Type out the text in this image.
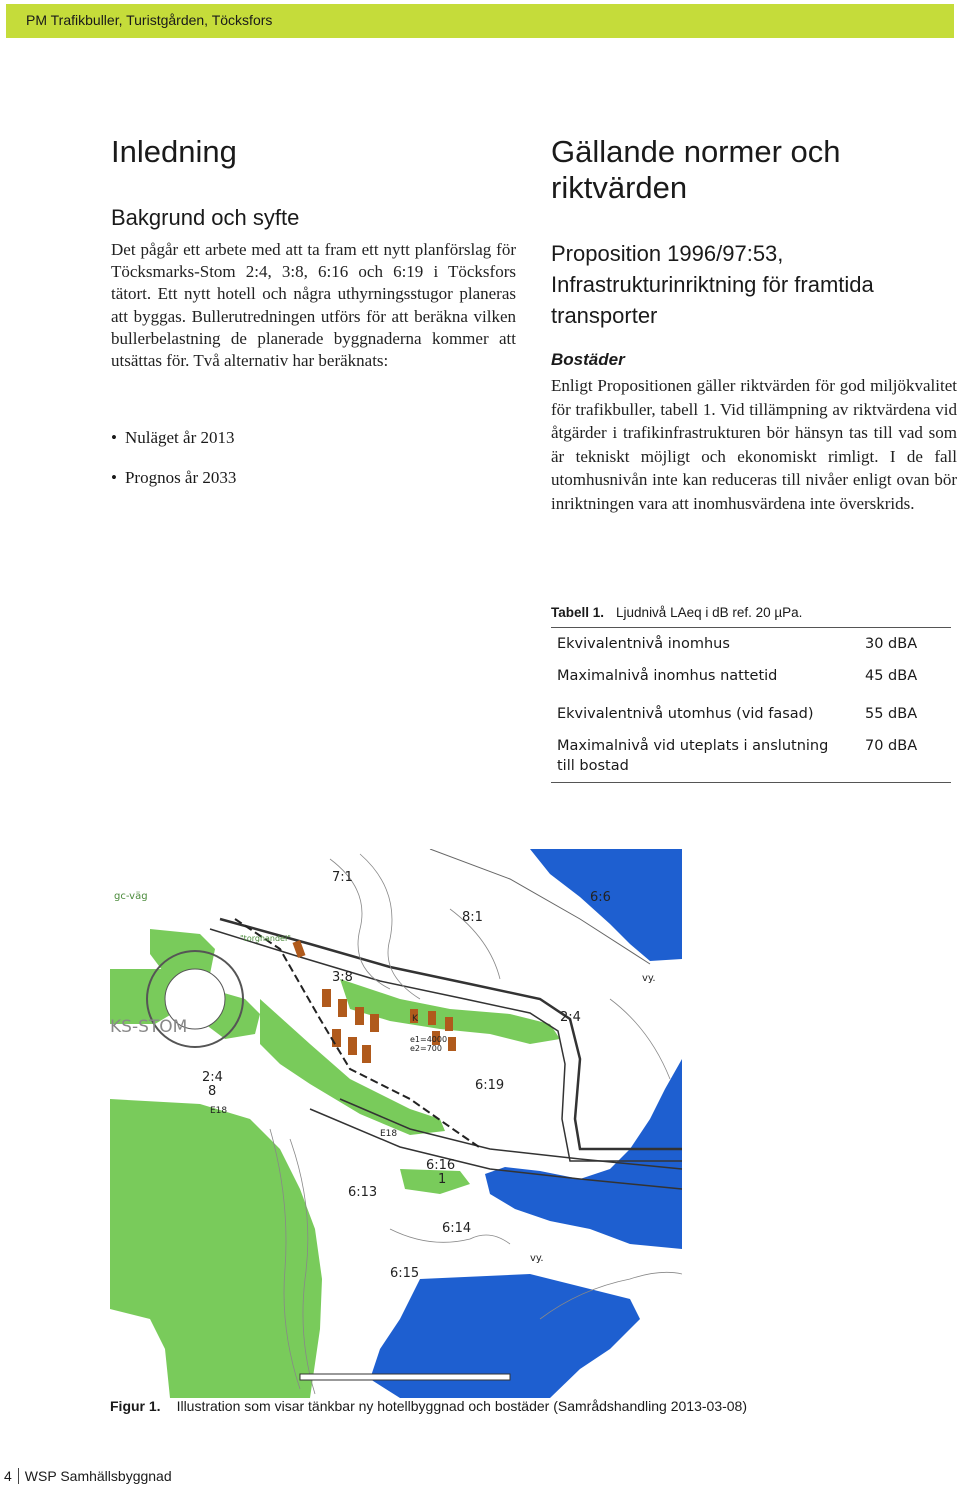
PM Trafikbuller, Turistgården, Töcksfors
Inledning
Bakgrund och syfte
Det pågår ett arbete med att ta fram ett nytt planförslag för Töcksmarks-Stom 2:4, 3:8, 6:16 och 6:19 i Töcksfors tätort. Ett nytt hotell och några uthyrningsstugor planeras att byggas. Bullerutredningen utförs för att beräkna vilken bullerbelastning de planerade byggnaderna kommer att utsättas för. Två alternativ har beräknats:
• Nuläget år 2013
• Prognos år 2033
Gällande normer och riktvärden
Proposition 1996/97:53, Infrastrukturinriktning för framtida transporter
Bostäder
Enligt Propositionen gäller riktvärden för god miljökvalitet för trafikbuller, tabell 1. Vid tillämpning av riktvärdena vid åtgärder i trafikinfrastrukturen bör hänsyn tas till vad som är tekniskt möjligt och ekonomiskt rimligt. I de fall utomhusnivån inte kan reduceras till nivåer enligt ovan bör inriktningen vara att inomhusvärdena inte överskrids.
Tabell 1. Ljudnivå LAeq i dB ref. 20 µPa.
Ekvivalentnivå inomhus	30 dBA
Maximalnivå inomhus nattetid	45 dBA
Ekvivalentnivå utomhus (vid fasad)	55 dBA
Maximalnivå vid uteplats i anslutning till bostad	70 dBA
gc-väg
7:1
8:1
6:6
3:8
2:4
2:4
8	6:19
6:16
1
6:13
6:14
6:15
vy.
vy.
E18
E18
"torghandel"
KS-STOM
e1=4000
e2=700
K
Figur 1. Illustration som visar tänkbar ny hotellbyggnad och bostäder (Samrådshandling 2013-03-08)
4 WSP Samhällsbyggnad
